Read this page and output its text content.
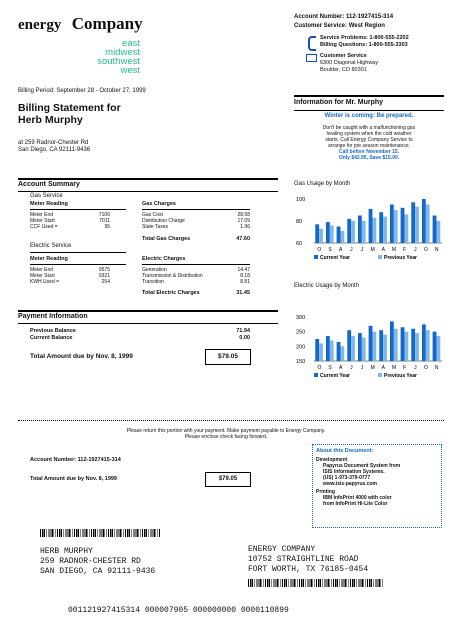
energy Company
east
midwest
southwest
west
Account Number: 112-1927415-314
Customer Service: West Region
Service Problems: 1-800-555-2202
Billing Questions: 1-800-555-3303
Customer Service
6300 Diagonal Highway
Boulder, CO 80301
Billing Period: September 28 - October 27, 1999
Billing Statement for
Herb Murphy
at 259 Radnor-Chester Rd
San Diego, CA 92111-9436
Information for Mr. Murphy
Winter is coming: Be prepared.
Don't be caught with a malfunctioning gas
heating system when the cold weather
starts. Call Energy Company Service to
arrange for pre season maintenance.
Call before November 15.
Only $42.95, Save $15.00.
Account Summary
Gas Service
Meter Reading	Gas Charges
Meter End	7106
Meter Start	7011
CCF Used =	95
Gas Cost	28.58
Distribution Charge	17.09
State Taxes	1.96
Total Gas Charges	47.60
Electric Service
Meter Reading	Electric Charges
Meter End	9575
Meter Start	9321
KWH Used =	254
Generation	14.47
Transmission & Distribution	8.18
Transition	8.81
Total Electric Charges	31.45
Payment Information
Previous Balance	71.94
Current Balance	0.00
Total Amount due by Nov. 8, 1999	$79.05
Gas Usage by Month
100
80
60
O S A J J M A M F J O N
Current Year	Previous Year
Electric Usage by Month
300
250
200
150
O S A J J M A M F J O N
Current Year	Previous Year
Please return this portion with your payment. Make payment payable to Energy Company.
Please enclose check facing forward.
Account Number: 112-1927415-314
Total Amount due by Nov. 8, 1999	$79.05
About this Document:
Development
Papyrus Document System from
ISIS Information Systems.
(US) 1-973-379-0777
www.isis-papyrus.com
Printing
IBM InfoPrint 4000 with color
from InfoPrint Hi-Lite Color
HERB MURPHY
259 RADNOR-CHESTER RD
SAN DIEGO, CA 92111-9436
ENERGY COMPANY
10752 STRAIGHTLINE ROAD
FORT WORTH, TX 76185-0454
001121927415314 000007905 000000000 0000110899
